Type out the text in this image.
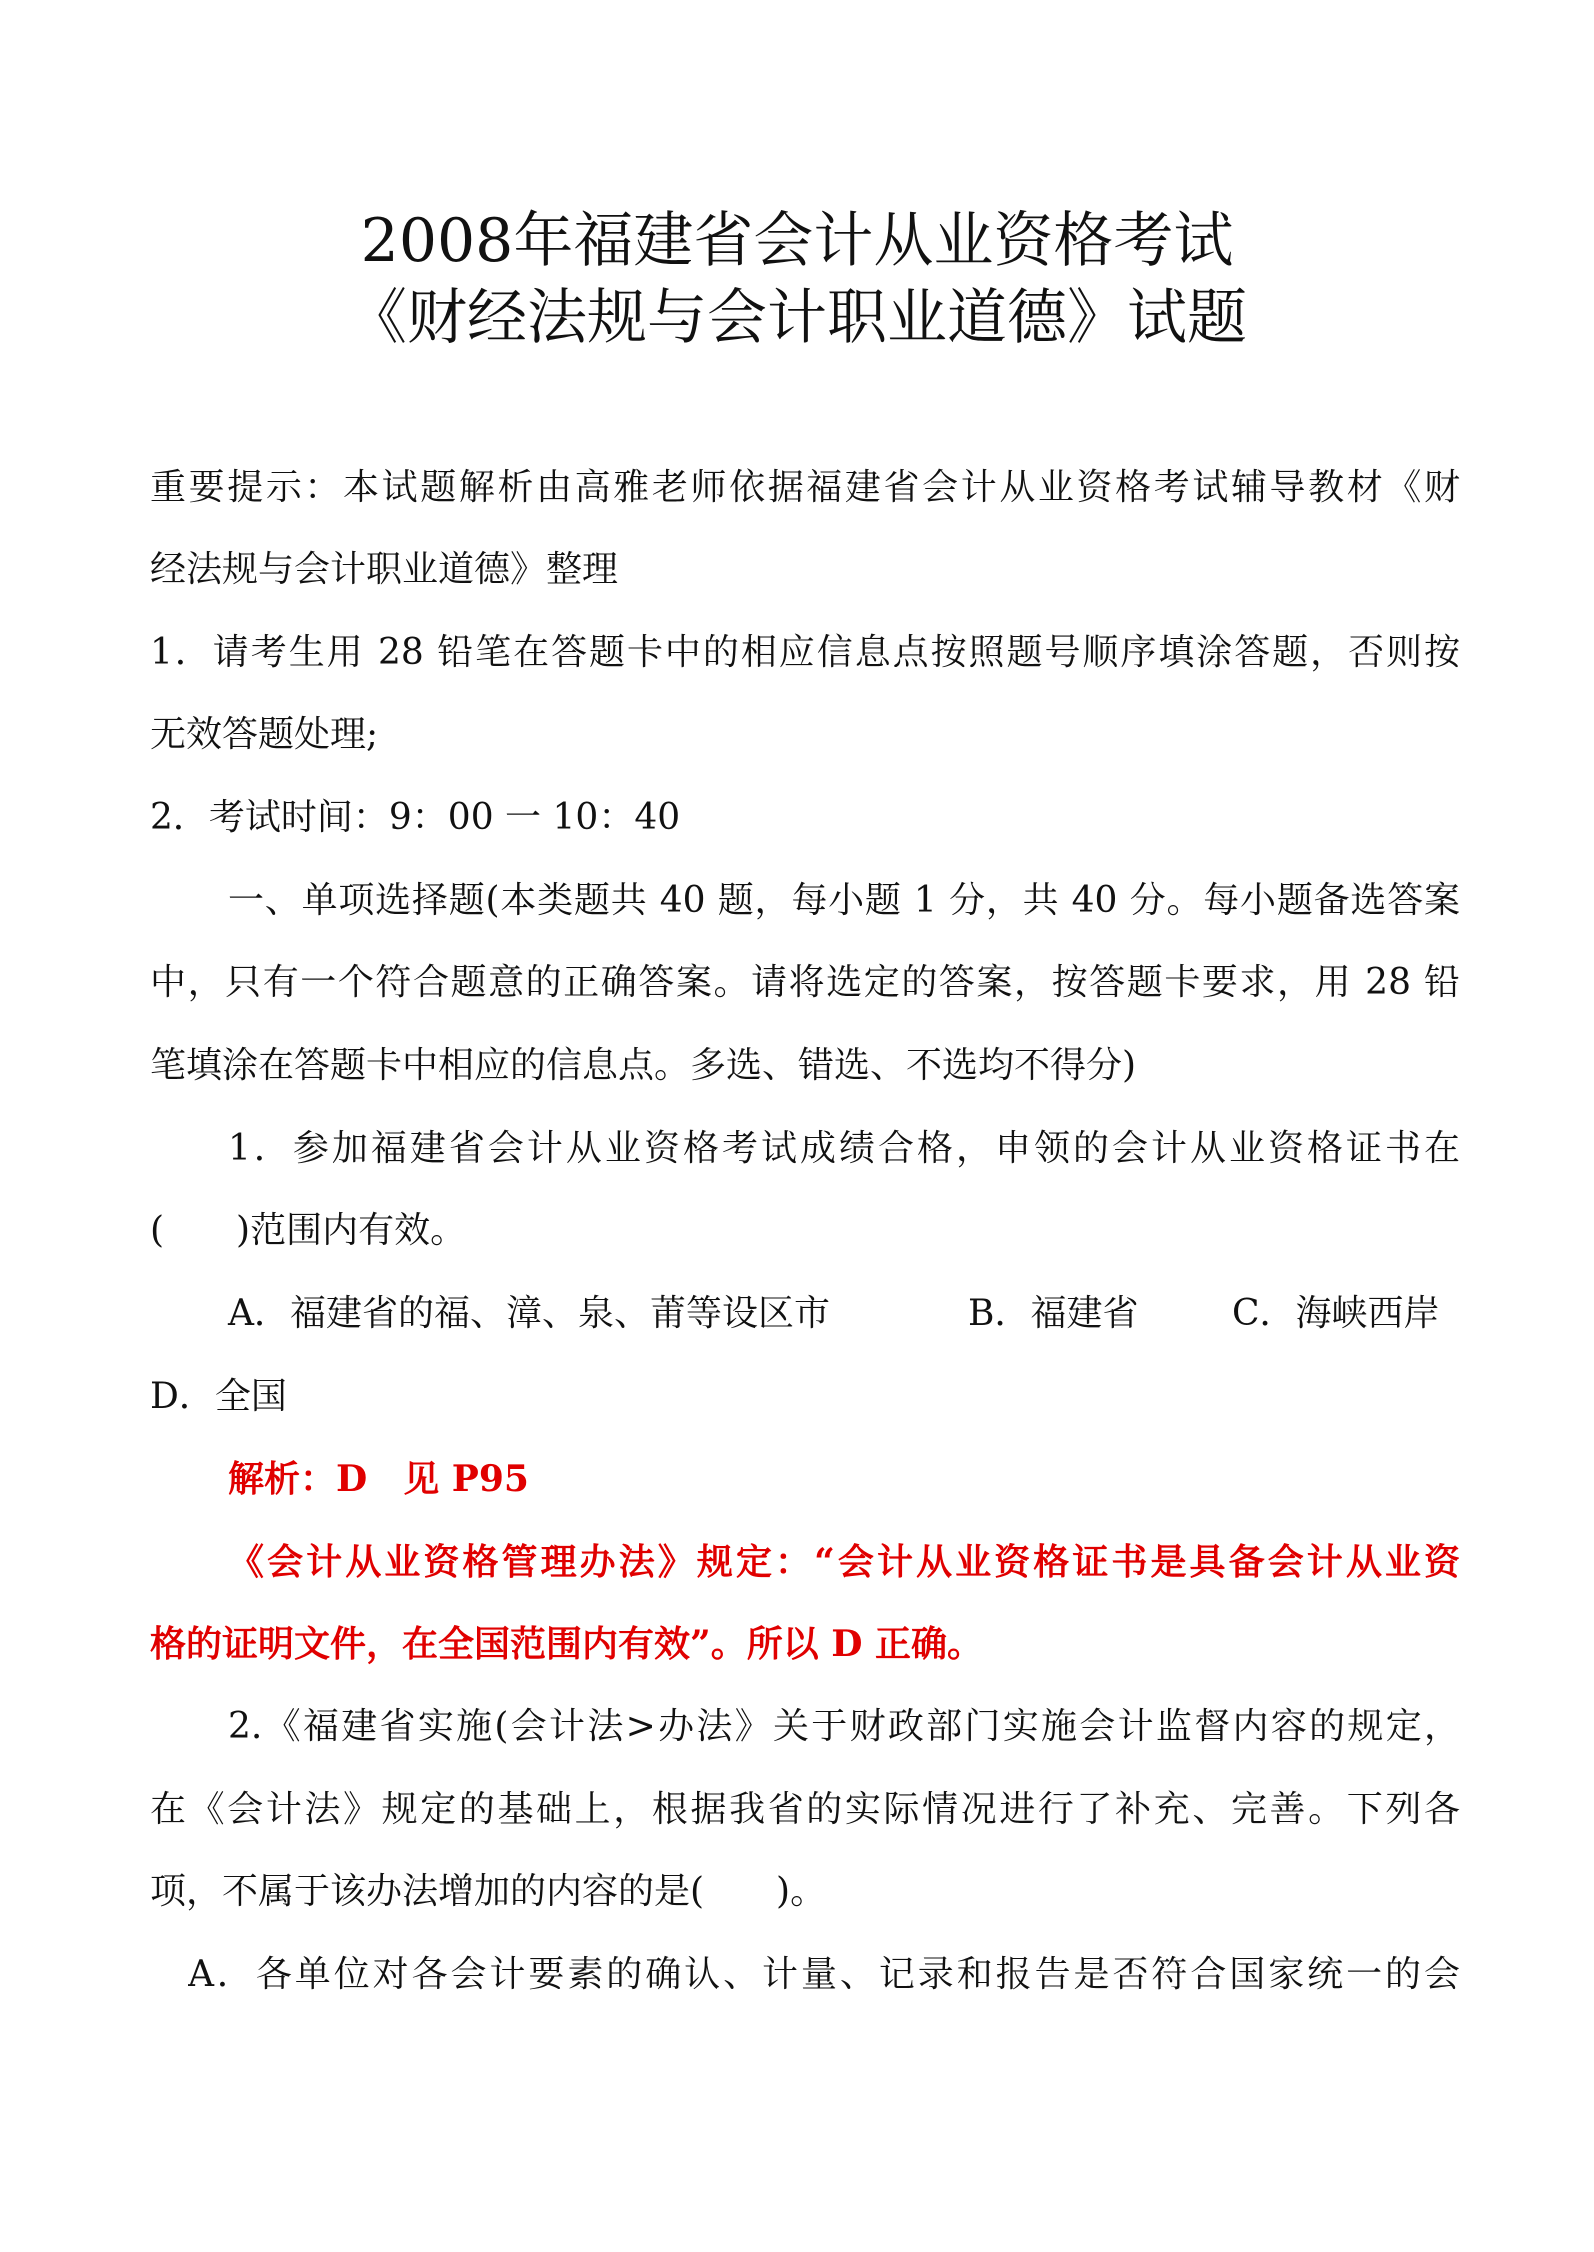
2008年福建省会计从业资格考试
《财经法规与会计职业道德》试题
重要提示：本试题解析由高雅老师依据福建省会计从业资格考试辅导教材《财
经法规与会计职业道德》整理
1．请考生用 28 铅笔在答题卡中的相应信息点按照题号顺序填涂答题，否则按
无效答题处理;
2．考试时间：9：00 一 10：40
一、单项选择题(本类题共 40 题，每小题 1 分，共 40 分。每小题备选答案
中，只有一个符合题意的正确答案。请将选定的答案，按答题卡要求，用 28 铅
笔填涂在答题卡中相应的信息点。多选、错选、不选均不得分)
1．参加福建省会计从业资格考试成绩合格，申领的会计从业资格证书在
(　　)范围内有效。
A．福建省的福、漳、泉、莆等设区市	B．福建省	C．海峡西岸
D．全国
解析：D　见 P95
《会计从业资格管理办法》规定：“会计从业资格证书是具备会计从业资
格的证明文件，在全国范围内有效”。所以 D 正确。
2.《福建省实施(会计法>办法》关于财政部门实施会计监督内容的规定，
在《会计法》规定的基础上，根据我省的实际情况进行了补充、完善。下列各
项，不属于该办法增加的内容的是(　　)。
A．各单位对各会计要素的确认、计量、记录和报告是否符合国家统一的会
